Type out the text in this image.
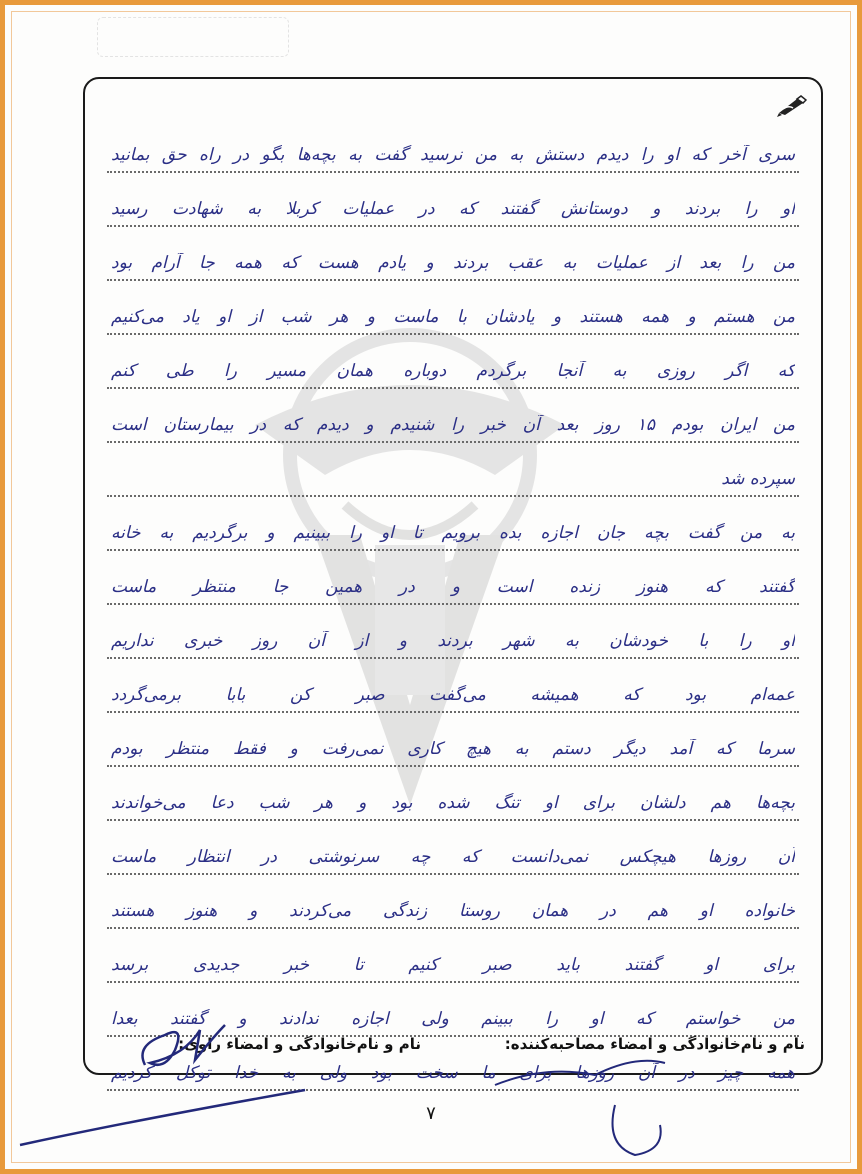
سری آخر که او را دیدم دستش به من نرسید گفت به بچه‌ها بگو در راه حق بمانید
او را بردند و دوستانش گفتند که در عملیات کربلا به شهادت رسید
من را بعد از عملیات به عقب بردند و یادم هست که همه جا آرام بود
من هستم و همه هستند و یادشان با ماست و هر شب از او یاد می‌کنیم
که اگر روزی به آنجا برگردم دوباره همان مسیر را طی کنم
من ایران بودم ۱۵ روز بعد آن خبر را شنیدم و دیدم که در بیمارستان است
سپرده شد
به من گفت بچه جان اجازه بده برویم تا او را ببینیم و برگردیم به خانه
گفتند که هنوز زنده است و در همین جا منتظر ماست
او را با خودشان به شهر بردند و از آن روز خبری نداریم
عمه‌ام بود که همیشه می‌گفت صبر کن بابا برمی‌گردد
سرما که آمد دیگر دستم به هیچ کاری نمی‌رفت و فقط منتظر بودم
بچه‌ها هم دلشان برای او تنگ شده بود و هر شب دعا می‌خواندند
آن روزها هیچکس نمی‌دانست که چه سرنوشتی در انتظار ماست
خانواده او هم در همان روستا زندگی می‌کردند و هنوز هستند
برای او گفتند باید صبر کنیم تا خبر جدیدی برسد
من خواستم که او را ببینم ولی اجازه ندادند و گفتند بعدا
همه چیز در آن روزها برای ما سخت بود ولی به خدا توکل کردیم
نام و نام‌خانوادگی و امضاء مصاحبه‌کننده:
نام و نام‌خانوادگی و امضاء راوی:
۷
